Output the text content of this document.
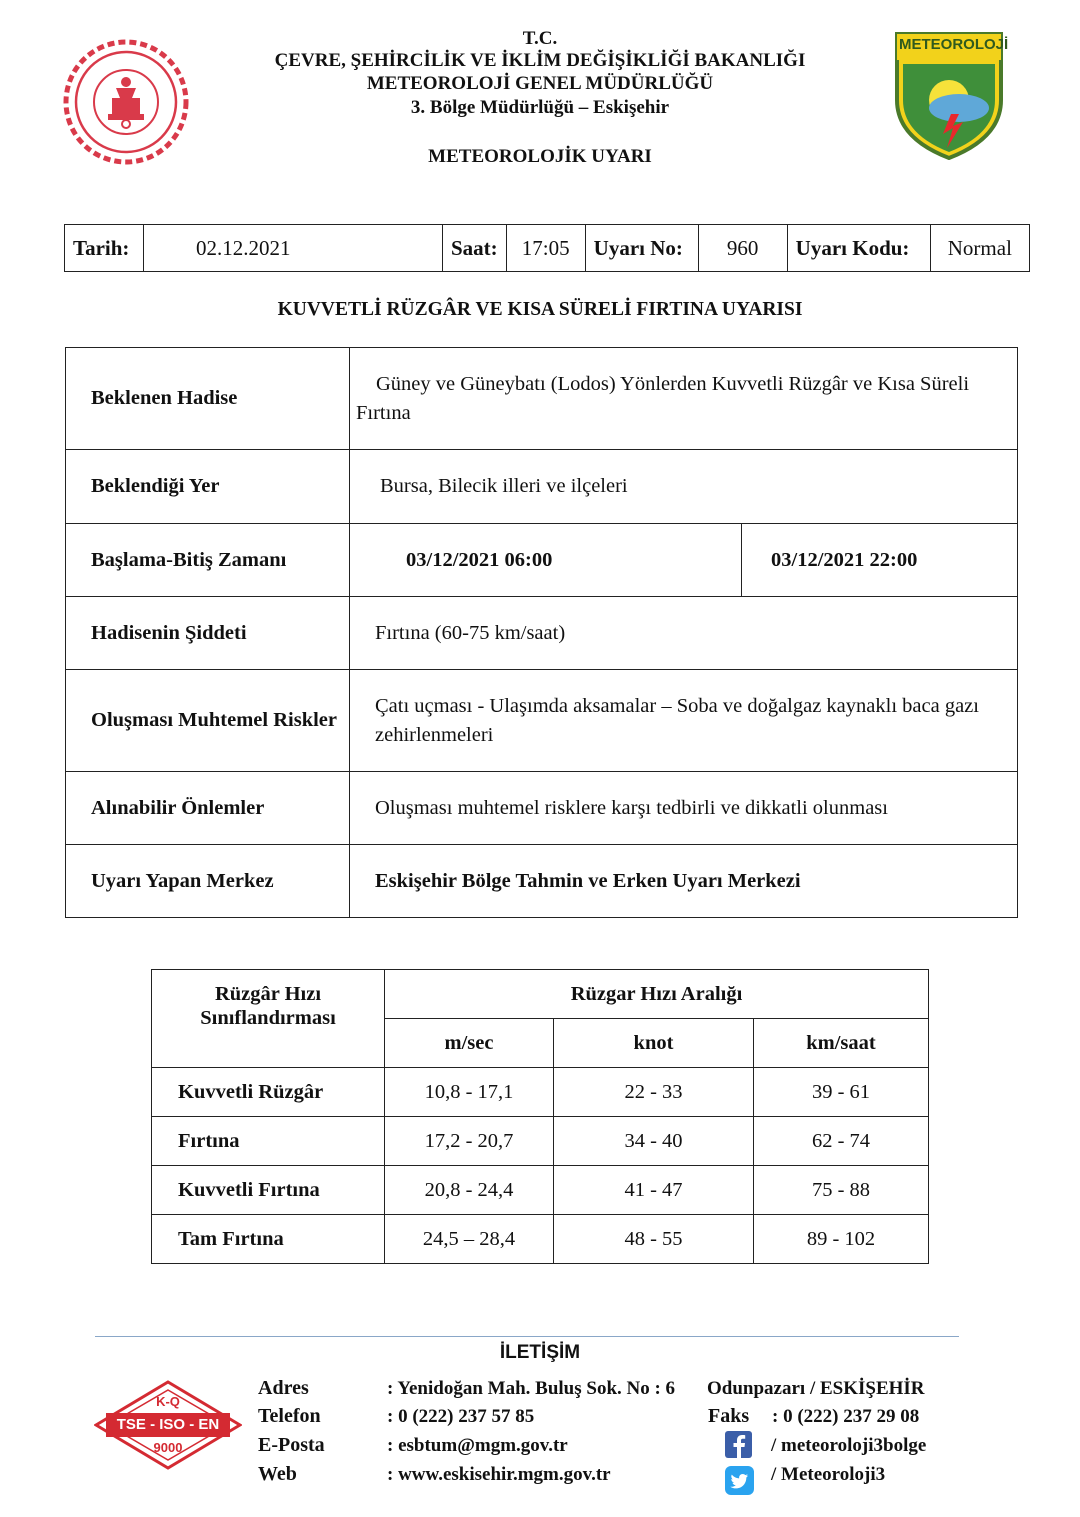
METEOROLOJİ
T.C.
ÇEVRE, ŞEHİRCİLİK VE İKLİM DEĞİŞİKLİĞİ BAKANLIĞI
METEOROLOJİ GENEL MÜDÜRLÜĞÜ
3. Bölge Müdürlüğü – Eskişehir
METEOROLOJİK UYARI
Tarih:	02.12.2021	Saat:	17:05	Uyarı No:	960	Uyarı Kodu:	Normal
KUVVETLİ RÜZGÂR VE KISA SÜRELİ FIRTINA UYARISI
Beklenen Hadise	Güney ve Güneybatı (Lodos) Yönlerden Kuvvetli Rüzgâr ve Kısa Süreli Fırtına	
Beklendiği Yer	Bursa, Bilecik illeri ve ilçeleri	
Başlama-Bitiş Zamanı	03/12/2021 06:00	03/12/2021 22:00
Hadisenin Şiddeti	Fırtına (60-75 km/saat)	
Oluşması Muhtemel Riskler	Çatı uçması - Ulaşımda aksamalar – Soba ve doğalgaz kaynaklı baca gazı zehirlenmeleri	
Alınabilir Önlemler	Oluşması muhtemel risklere karşı tedbirli ve dikkatli olunması	
Uyarı Yapan Merkez	Eskişehir Bölge Tahmin ve Erken Uyarı Merkezi	
Rüzgâr Hızı Sınıflandırması	Rüzgar Hızı Aralığı		
	m/sec	knot	km/saat
Kuvvetli Rüzgâr	10,8 - 17,1	22 - 33	39 - 61
Fırtına	17,2 - 20,7	34 - 40	62 - 74
Kuvvetli Fırtına	20,8 - 24,4	41 - 47	75 - 88
Tam Fırtına	24,5 – 28,4	48 - 55	89 - 102
İLETİŞİM
K-Q
TSE - ISO - EN
9000
Adres	: Yenidoğan Mah. Buluş Sok. No : 6 Odunpazarı / ESKİŞEHİR
Telefon	: 0 (222) 237 57 85	Faks : 0 (222) 237 29 08
E-Posta	: esbtum@mgm.gov.tr	/ meteoroloji3bolge
Web	: www.eskisehir.mgm.gov.tr	/ Meteoroloji3
